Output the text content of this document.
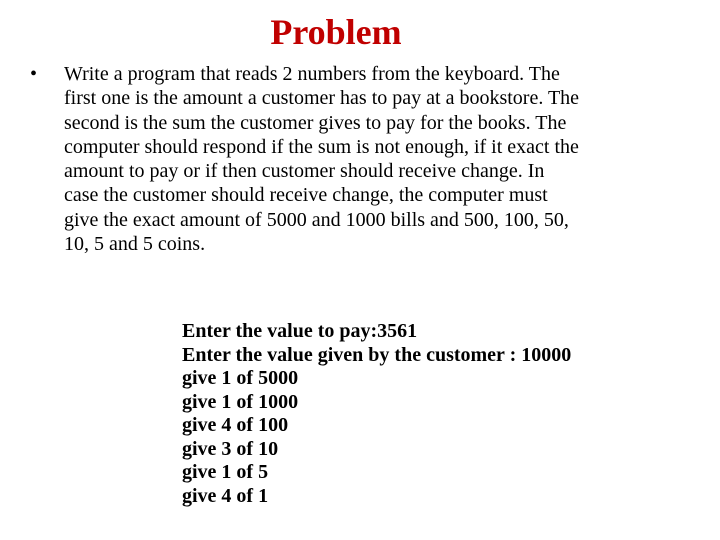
Problem
•	Write a program that reads 2 numbers from the keyboard. The
first one is the amount a customer has to pay at a bookstore. The
second is the sum the customer gives to pay for the books. The
computer should respond if the sum is not enough, if it exact the
amount to pay or if then customer should receive change. In
case the customer should receive change, the computer must
give the exact amount of 5000 and 1000 bills and 500, 100, 50,
10, 5 and 5 coins.
Enter the value to pay:3561
Enter the value given by the customer : 10000
give 1 of 5000
give 1 of 1000
give 4 of 100
give 3 of 10
give 1 of 5
give 4 of 1
